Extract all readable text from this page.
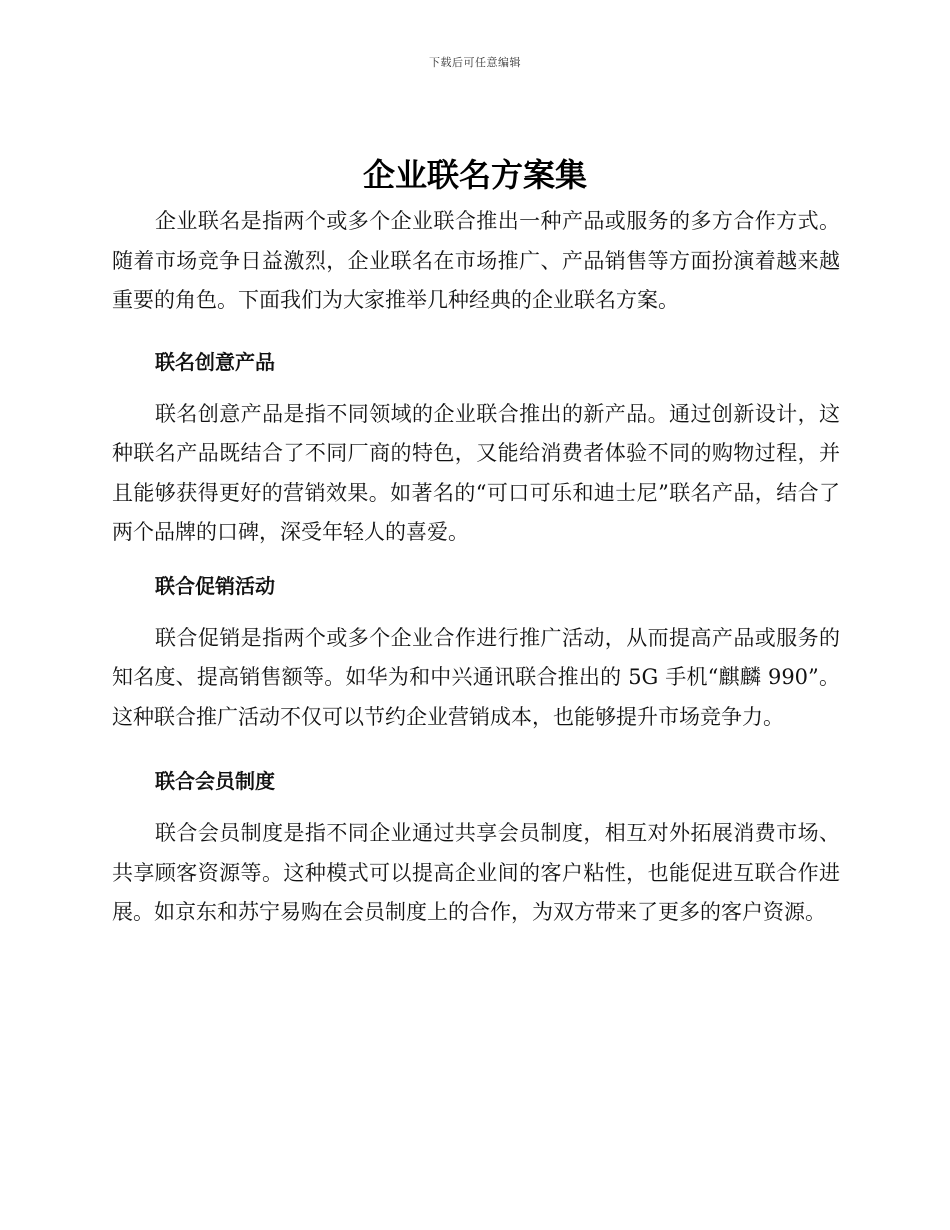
下载后可任意编辑
企业联名方案集

企业联名是指两个或多个企业联合推出一种产品或服务的多方合作方式。随着市场竞争日益激烈，企业联名在市场推广、产品销售等方面扮演着越来越重要的角色。下面我们为大家推举几种经典的企业联名方案。

联名创意产品

联名创意产品是指不同领域的企业联合推出的新产品。通过创新设计，这种联名产品既结合了不同厂商的特色，又能给消费者体验不同的购物过程，并且能够获得更好的营销效果。如著名的“可口可乐和迪士尼”联名产品，结合了两个品牌的口碑，深受年轻人的喜爱。

联合促销活动

联合促销是指两个或多个企业合作进行推广活动，从而提高产品或服务的知名度、提高销售额等。如华为和中兴通讯联合推出的 5G 手机“麒麟 990”。这种联合推广活动不仅可以节约企业营销成本，也能够提升市场竞争力。

联合会员制度

联合会员制度是指不同企业通过共享会员制度，相互对外拓展消费市场、共享顾客资源等。这种模式可以提高企业间的客户粘性，也能促进互联合作进展。如京东和苏宁易购在会员制度上的合作，为双方带来了更多的客户资源。
